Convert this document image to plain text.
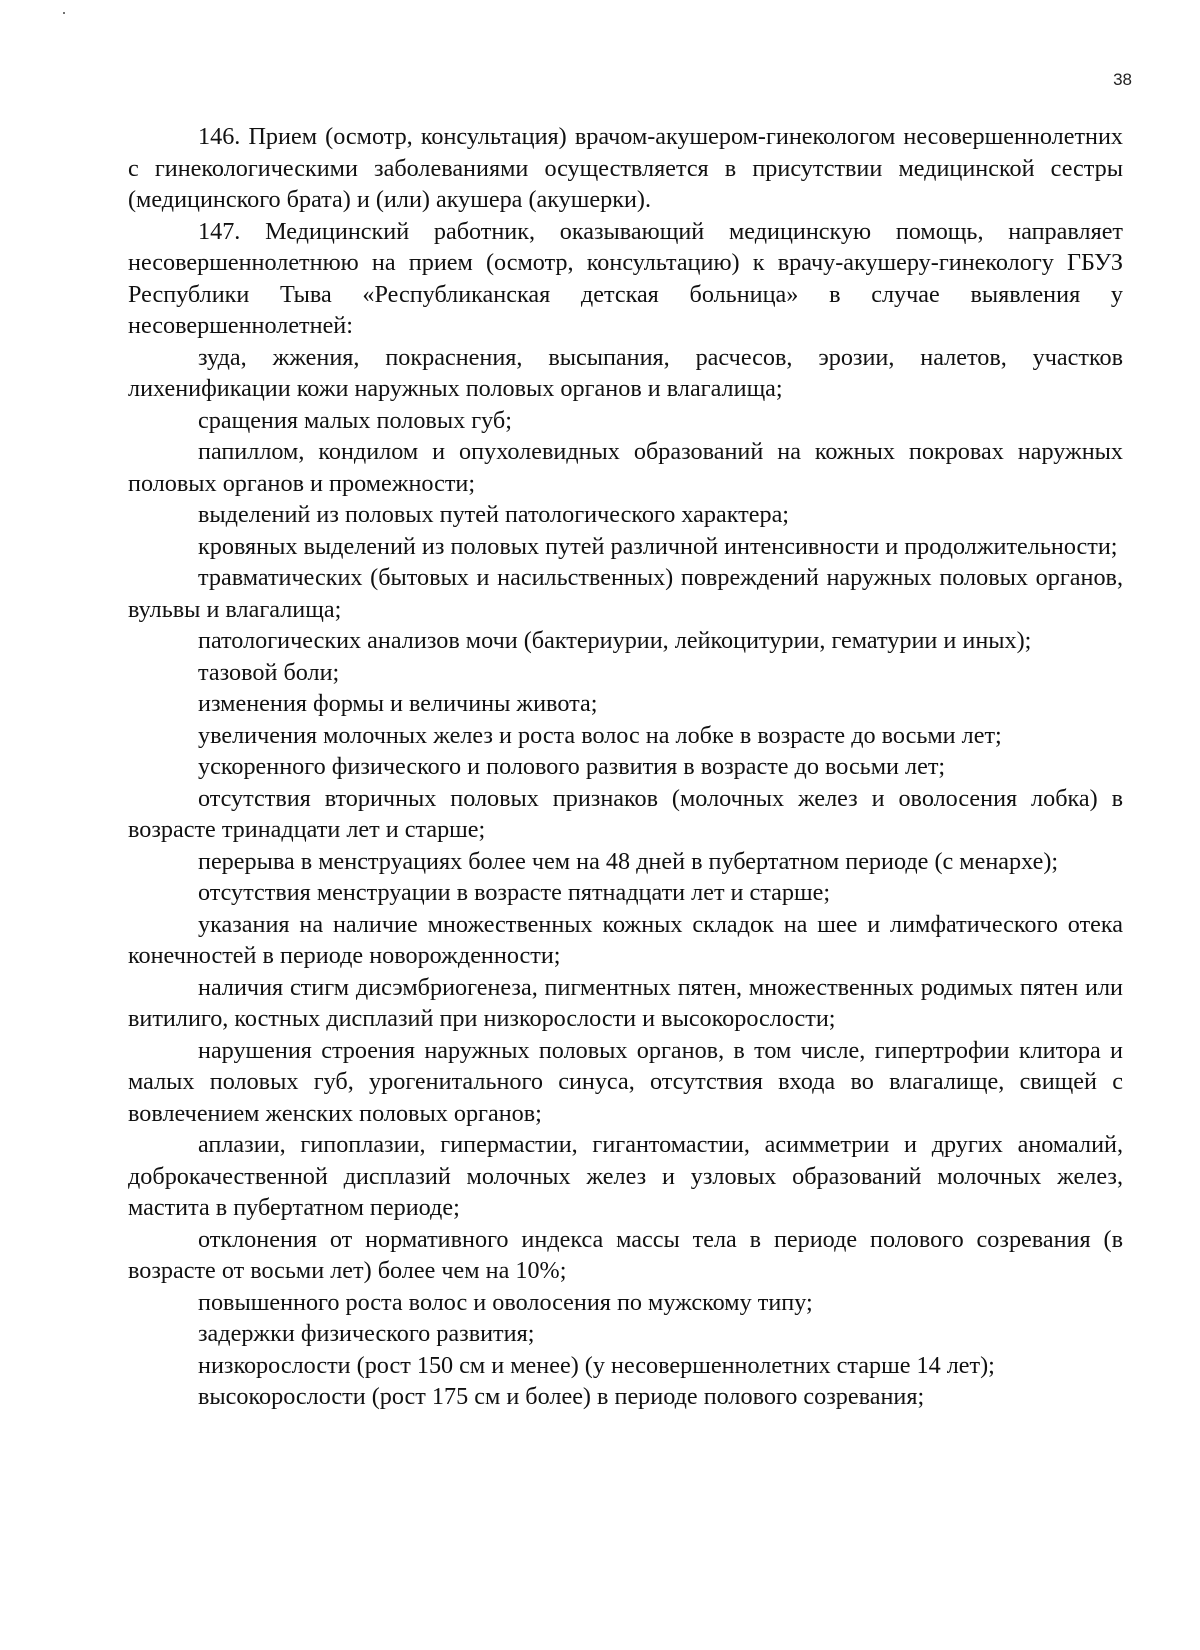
38

146. Прием (осмотр, консультация) врачом-акушером-гинекологом несовершеннолетних с гинекологическими заболеваниями осуществляется в присутствии медицинской сестры (медицинского брата) и (или) акушера (акушерки).

147. Медицинский работник, оказывающий медицинскую помощь, направляет несовершеннолетнюю на прием (осмотр, консультацию) к врачу-акушеру-гинекологу ГБУЗ Республики Тыва «Республиканская детская больница» в случае выявления у несовершеннолетней:

зуда, жжения, покраснения, высыпания, расчесов, эрозии, налетов, участков лихенификации кожи наружных половых органов и влагалища;

сращения малых половых губ;

папиллом, кондилом и опухолевидных образований на кожных покровах наружных половых органов и промежности;

выделений из половых путей патологического характера;

кровяных выделений из половых путей различной интенсивности и продолжительности;

травматических (бытовых и насильственных) повреждений наружных половых органов, вульвы и влагалища;

патологических анализов мочи (бактериурии, лейкоцитурии, гематурии и иных);

тазовой боли;

изменения формы и величины живота;

увеличения молочных желез и роста волос на лобке в возрасте до восьми лет;

ускоренного физического и полового развития в возрасте до восьми лет;

отсутствия вторичных половых признаков (молочных желез и оволосения лобка) в возрасте тринадцати лет и старше;

перерыва в менструациях более чем на 48 дней в пубертатном периоде (с менархе);

отсутствия менструации в возрасте пятнадцати лет и старше;

указания на наличие множественных кожных складок на шее и лимфатического отека конечностей в периоде новорожденности;

наличия стигм дисэмбриогенеза, пигментных пятен, множественных родимых пятен или витилиго, костных дисплазий при низкорослости и высокорослости;

нарушения строения наружных половых органов, в том числе, гипертрофии клитора и малых половых губ, урогенитального синуса, отсутствия входа во влагалище, свищей с вовлечением женских половых органов;

аплазии, гипоплазии, гипермастии, гигантомастии, асимметрии и других аномалий, доброкачественной дисплазий молочных желез и узловых образований молочных желез, мастита в пубертатном периоде;

отклонения от нормативного индекса массы тела в периоде полового созревания (в возрасте от восьми лет) более чем на 10%;

повышенного роста волос и оволосения по мужскому типу;

задержки физического развития;

низкорослости (рост 150 см и менее) (у несовершеннолетних старше 14 лет);

высокорослости (рост 175 см и более) в периоде полового созревания;
